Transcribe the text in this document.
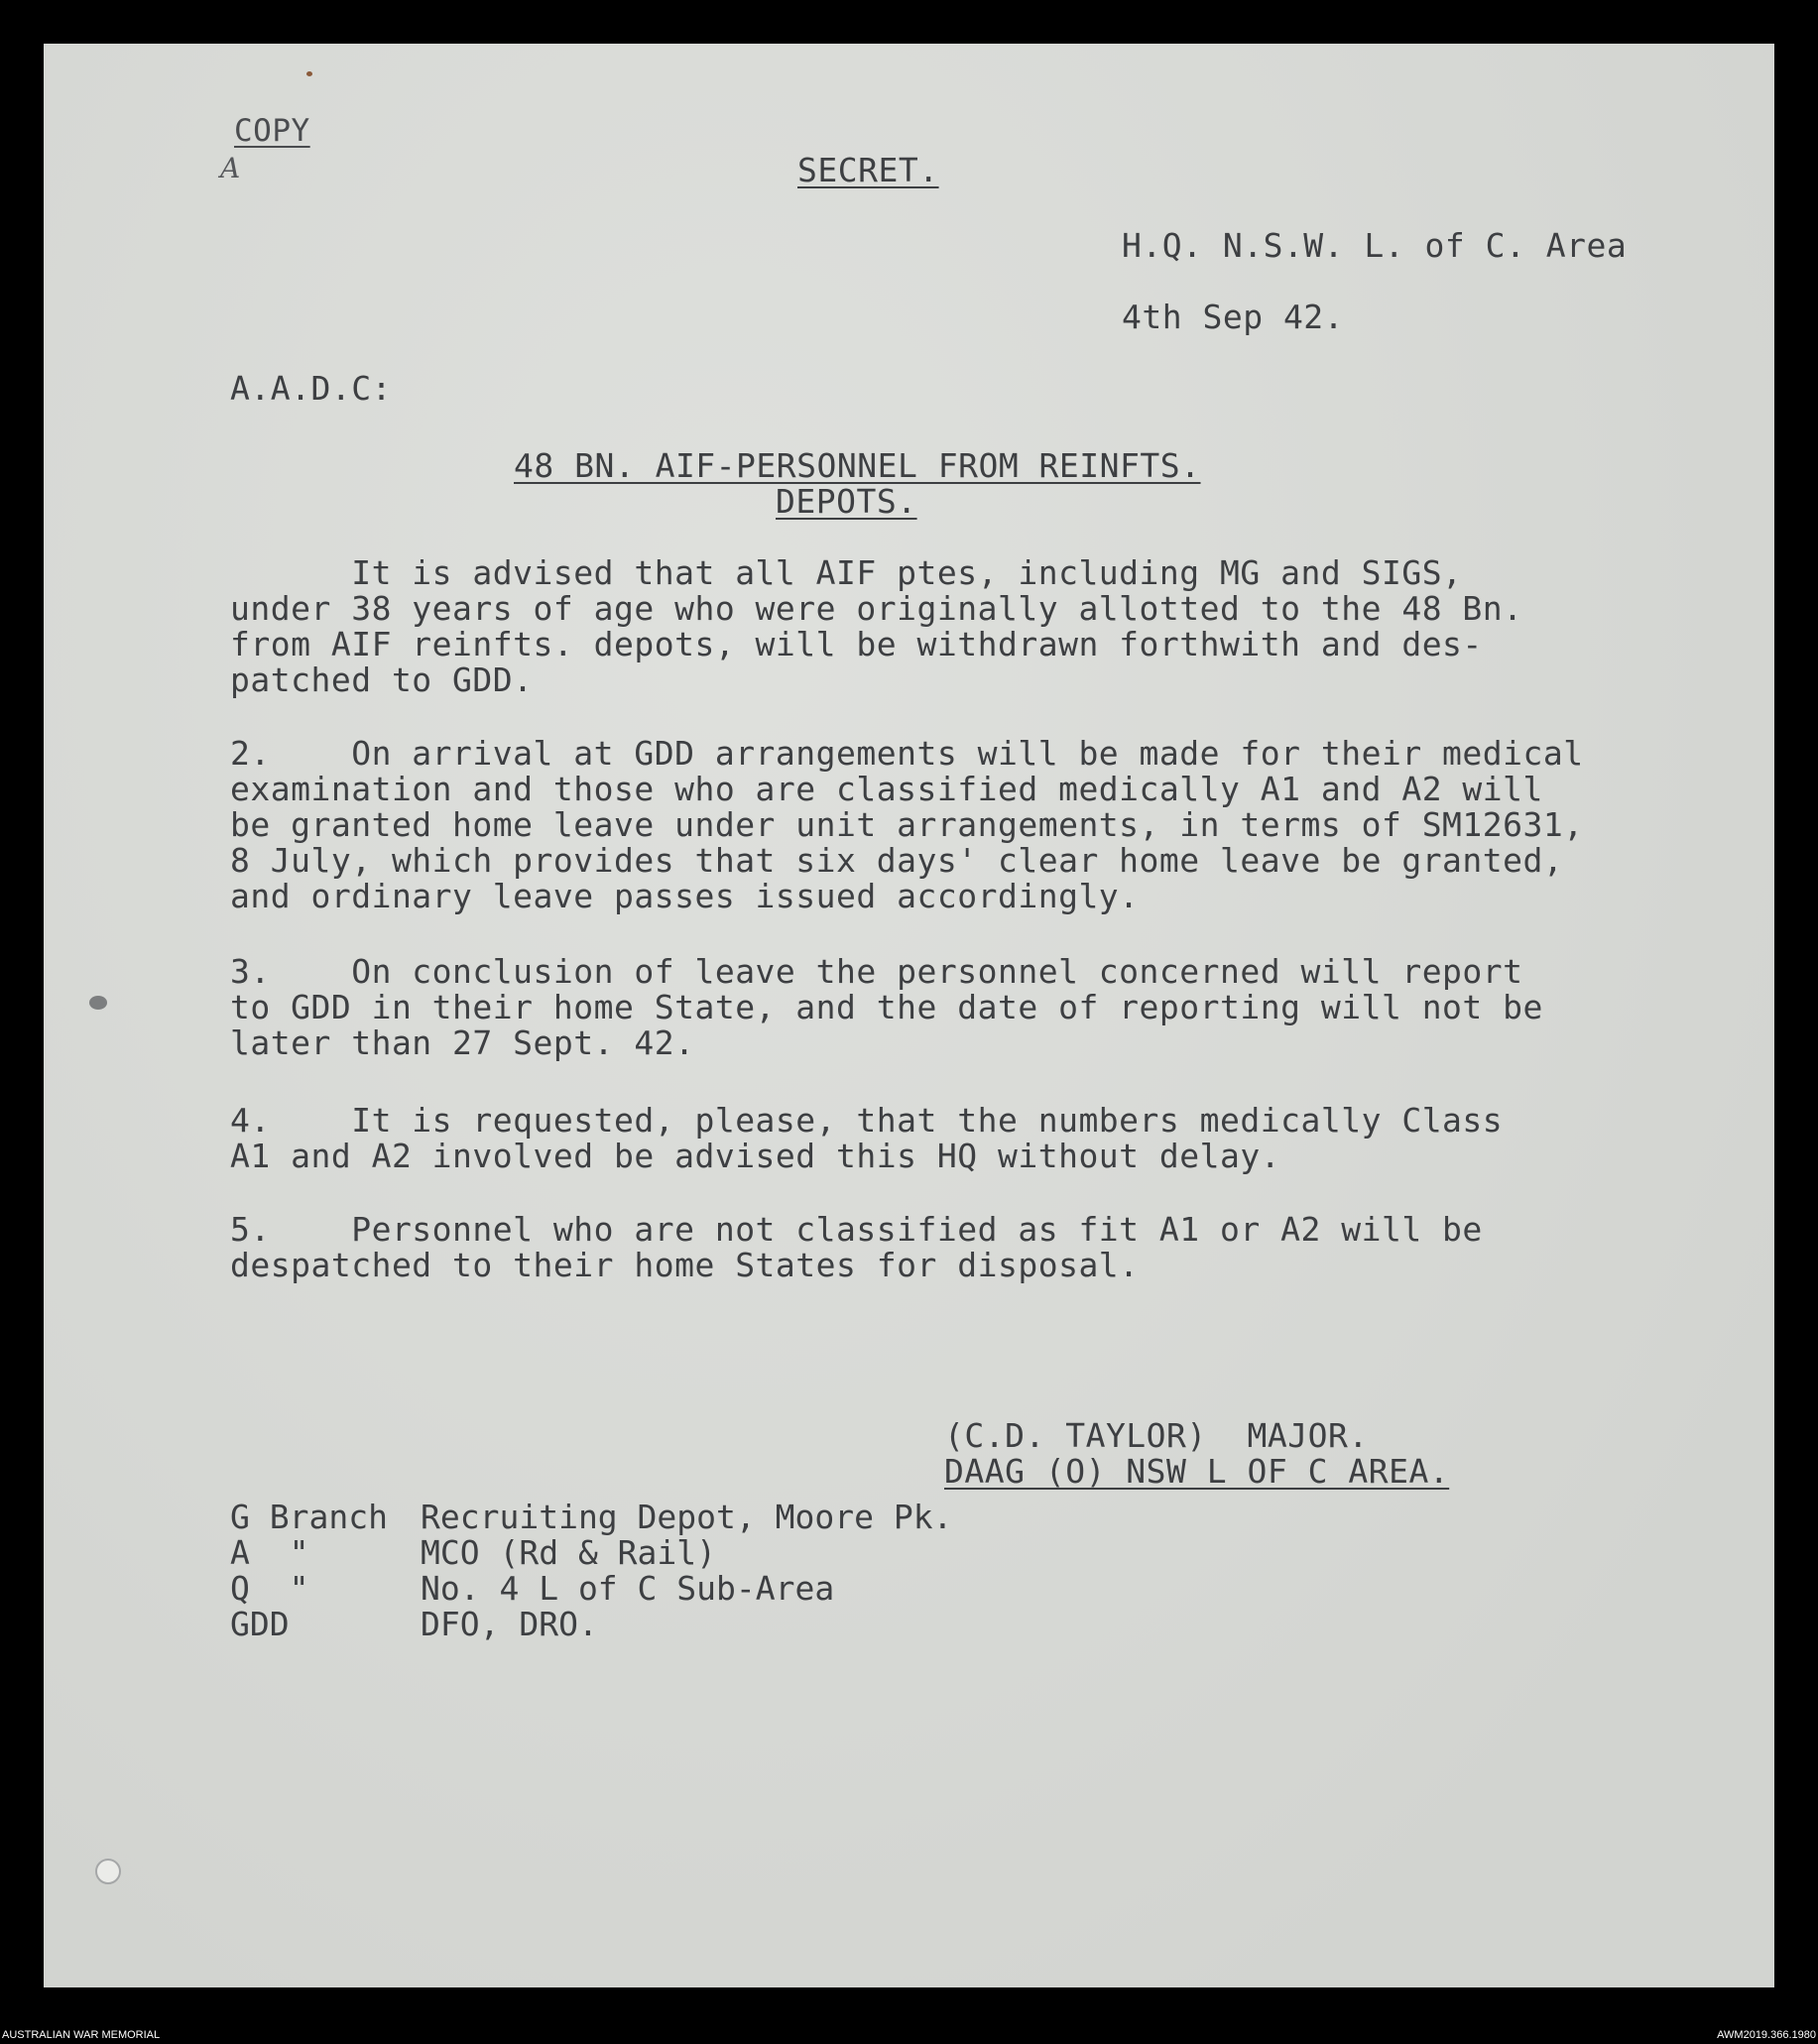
COPY
A	SECRET.
H.Q. N.S.W. L. of C. Area
4th Sep 42.
A.A.D.C:
48 BN. AIF-PERSONNEL FROM REINFTS.
DEPOTS.
It is advised that all AIF ptes, including MG and SIGS,
under 38 years of age who were originally allotted to the 48 Bn.
from AIF reinfts. depots, will be withdrawn forthwith and des-
patched to GDD.
2.    On arrival at GDD arrangements will be made for their medical
examination and those who are classified medically A1 and A2 will
be granted home leave under unit arrangements, in terms of SM12631,
8 July, which provides that six days' clear home leave be granted,
and ordinary leave passes issued accordingly.
3.    On conclusion of leave the personnel concerned will report
to GDD in their home State, and the date of reporting will not be
later than 27 Sept. 42.
4.    It is requested, please, that the numbers medically Class
A1 and A2 involved be advised this HQ without delay.
5.    Personnel who are not classified as fit A1 or A2 will be
despatched to their home States for disposal.
(C.D. TAYLOR)  MAJOR.
DAAG (O) NSW L OF C AREA.
G Branch Recruiting Depot, Moore Pk.
A  "	MCO (Rd & Rail)
Q  "	No. 4 L of C Sub-Area
GDD	DFO, DRO.
AUSTRALIAN WAR MEMORIAL	AWM2019.366.1980
